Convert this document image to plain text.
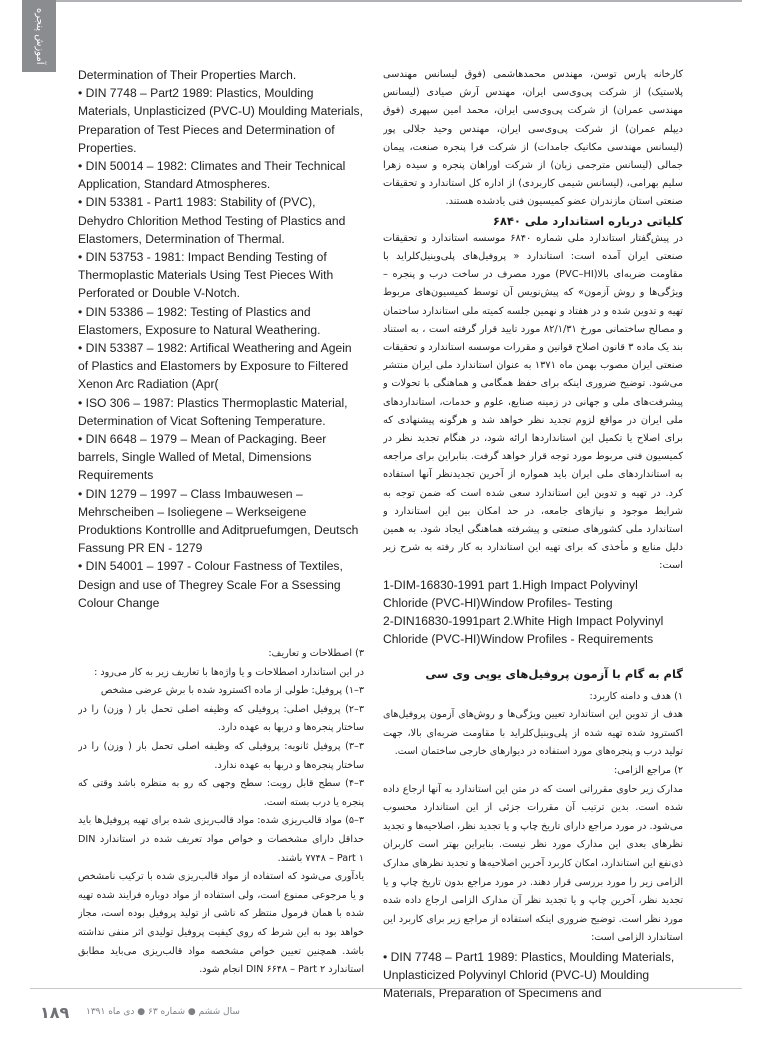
آموزش پنجره

Determination of Their Properties March.

• DIN 7748 – Part2 1989: Plastics, Moulding Materials, Unplasticized (PVC-U) Moulding Materials, Preparation of Test Pieces and Determination of Properties.

• DIN 50014 – 1982: Climates and Their Technical Application, Standard Atmospheres.

• DIN 53381 - Part1 1983: Stability of (PVC), Dehydro Chlorition Method Testing of Plastics and Elastomers, Determination of Thermal.

• DIN 53753 - 1981: Impact Bending Testing of Thermoplastic Materials Using Test Pieces With Perforated or Double V-Notch.

• DIN 53386 – 1982: Testing of Plastics and Elastomers, Exposure to Natural Weathering.

• DIN 53387 – 1982: Artifical Weathering and Agein of Plastics and Elastomers by Exposure to Filtered Xenon Arc Radiation (Apr(

• ISO 306 – 1987: Plastics Thermoplastic Material, Determination of Vicat Softening Temperature.

• DIN 6648 – 1979 – Mean of Packaging. Beer barrels, Single Walled of Metal, Dimensions Requirements

• DIN 1279 – 1997 – Class Imbauwesen – Mehrscheiben – Isoliegene – Werkseigene Produktions Kontrollle and Aditpruefumgen, Deutsch Fassung PR EN - 1279

• DIN 54001 – 1997 - Colour Fastness of Textiles, Design and use of Thegrey Scale For a Ssessing Colour Change

کارخانه پارس توسن، مهندس محمدهاشمی (فوق لیسانس مهندسی پلاستیک) از شرکت پی‌وی‌سی ایران، مهندس آرش صیادی (لیسانس مهندسی عمران) از شرکت پی‌وی‌سی ایران، محمد امین سپهری (فوق دیپلم عمران) از شرکت پی‌وی‌سی ایران، مهندس وحید جلالی پور (لیسانس مهندسی مکانیک جامدات) از شرکت فرا پنجره صنعت، پیمان جمالی (لیسانس مترجمی زبان) از شرکت اوراهان پنجره و سیده زهرا سلیم بهرامی، (لیسانس شیمی کاربردی) از اداره کل استاندارد و تحقیقات صنعتی استان مازندران عضو کمیسیون فنی یادشده هستند.

کلیاتی درباره استاندارد ملی ۶۸۴۰

در پیش‌گفتار استاندارد ملی شماره ۶۸۴۰ موسسه استاندارد و تحقیقات صنعتی ایران آمده است: استاندارد « پروفیل‌های پلی‌وینیل‌کلراید با مقاومت ضربه‌ای بالا(PVC–HI) مورد مصرف در ساخت درب و پنجره – ویژگی‌ها و روش آزمون» که پیش‌نویس آن توسط کمیسیون‌های مربوط تهیه و تدوین شده و در هفتاد و نهمین جلسه کمیته ملی استاندارد ساختمان و مصالح ساختمانی مورخ ۸۲/۱/۳۱ مورد تایید قرار گرفته است ، به استناد بند یک ماده ۳ قانون اصلاح قوانین و مقررات موسسه استاندارد و تحقیقات صنعتی ایران مصوب بهمن ماه ۱۳۷۱ به عنوان استاندارد ملی ایران منتشر می‌شود. توضیح ضروری اینکه برای حفظ همگامی و هماهنگی با تحولات و پیشرفت‌های ملی و جهانی در زمینه صنایع، علوم و خدمات، استانداردهای ملی ایران در مواقع لزوم تجدید نظر خواهد شد و هرگونه پیشنهادی که برای اصلاح یا تکمیل این استانداردها ارائه شود، در هنگام تجدید نظر در کمیسیون فنی مربوط مورد توجه قرار خواهد گرفت. بنابراین برای مراجعه به استانداردهای ملی ایران باید همواره از آخرین تجدیدنظر آنها استفاده کرد. در تهیه و تدوین این استاندارد سعی شده است که ضمن توجه به شرایط موجود و نیازهای جامعه، در حد امکان بین این استاندارد و استاندارد ملی کشورهای صنعتی و پیشرفته هماهنگی ایجاد شود. به همین دلیل منابع و مأخذی که برای تهیه این استاندارد به کار رفته به شرح زیر است:

1-DIM-16830-1991 part 1.High Impact Polyvinyl Chloride (PVC-HI)Window Profiles- Testing

2-DIN16830-1991part 2.White High Impact Polyvinyl Chloride (PVC-HI)Window Profiles - Requirements

۳) اصطلاحات و تعاریف:

در این استاندارد اصطلاحات و یا واژه‌ها با تعاریف زیر به کار می‌رود :

۳–۱) پروفیل: طولی از ماده اکسترود شده با برش عرضی مشخص

۳–۲) پروفیل اصلی: پروفیلی که وظیفه اصلی تحمل بار ( وزن) را در ساختار پنجره‌ها و دربها به عهده دارد.

۳–۳) پروفیل ثانویه: پروفیلی که وظیفه اصلی تحمل بار ( وزن) را در ساختار پنجره‌ها و دربها به عهده ندارد.

۳–۴) سطح قابل رویت: سطح وجهی که رو به منظره باشد وقتی که پنجره یا درب بسته است.

۳–۵) مواد قالب‌ریزی شده: مواد قالب‌ریزی شده برای تهیه پروفیل‌ها باید حداقل دارای مشخصات و خواص مواد تعریف شده در استاندارد DIN ۷۷۴۸ – Part ۱ باشند.

یادآوری می‌شود که استفاده از مواد قالب‌ریزی شده با ترکیب نامشخص و یا مرجوعی ممنوع است، ولی استفاده از مواد دوباره فرایند شده تهیه شده با همان فرمول منتظر که ناشی از تولید پروفیل بوده است، مجاز خواهد بود به این شرط که روی کیفیت پروفیل تولیدی اثر منفی نداشته باشد. همچنین تعیین خواص مشخصه مواد قالب‌ریزی می‌باید مطابق استاندارد DIN ۶۶۴۸ – Part ۲ انجام شود.

گام به گام با آزمون پروفیل‌های یو‌پی وی سی

۱) هدف و دامنه کاربرد:

هدف از تدوین این استاندارد تعیین ویژگی‌ها و روش‌های آزمون پروفیل‌های اکسترود شده تهیه شده از پلی‌وینیل‌کلراید با مقاومت ضربه‌ای بالا، جهت تولید درب و پنجره‌های مورد استفاده در دیوارهای خارجی ساختمان است.

۲) مراجع الزامی:

مدارک زیر حاوی مقرراتی است که در متن این استاندارد به آنها ارجاع داده شده است. بدین ترتیب آن مقررات جزئی از این استاندارد محسوب می‌شود. در مورد مراجع دارای تاریخ چاپ و یا تجدید نظر، اصلاحیه‌ها و تجدید نظرهای بعدی این مدارک مورد نظر نیست. بنابراین بهتر است کاربران ذی‌نفع این استاندارد، امکان کاربرد آخرین اصلاحیه‌ها و تجدید نظرهای مدارک الزامی زیر را مورد بررسی قرار دهند. در مورد مراجع بدون تاریخ چاپ و یا تجدید نظر، آخرین چاپ و یا تجدید نظر آن مدارک الزامی ارجاع داده شده مورد نظر است. توضیح ضروری اینکه استفاده از مراجع زیر برای کاربرد این استاندارد الزامی است:

• DIN 7748 – Part1 1989: Plastics, Moulding Materials, Unplasticized Polyvinyl Chlorid (PVC-U) Moulding Materials, Preparation of Specimens and

۱۸۹ سال ششم ● شماره ۶۳ ● دی ماه ۱۳۹۱
